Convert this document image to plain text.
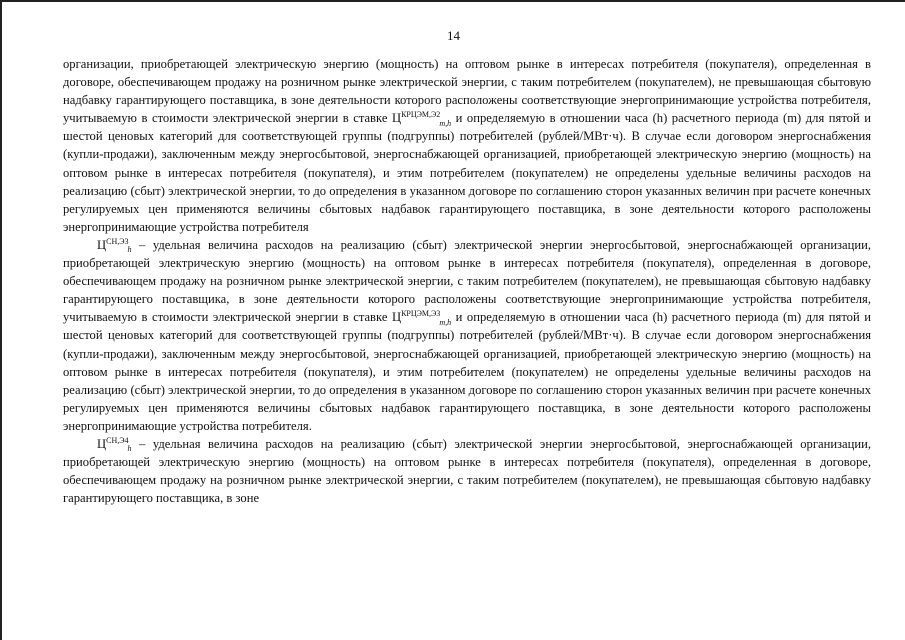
14

организации, приобретающей электрическую энергию (мощность) на оптовом рынке в интересах потребителя (покупателя), определенная в договоре, обеспечивающем продажу на розничном рынке электрической энергии, с таким потребителем (покупателем), не превышающая сбытовую надбавку гарантирующего поставщика, в зоне деятельности которого расположены соответствующие энергопринимающие устройства потребителя, учитываемую в стоимости электрической энергии в ставке $Ц^{КРЦЭМ,Э2}_{m,h}$ и определяемую в отношении часа (h) расчетного периода (m) для пятой и шестой ценовых категорий для соответствующей группы (подгруппы) потребителей (рублей/МВт·ч). В случае если договором энергоснабжения (купли-продажи), заключенным между энергосбытовой, энергоснабжающей организацией, приобретающей электрическую энергию (мощность) на оптовом рынке в интересах потребителя (покупателя), и этим потребителем (покупателем) не определены удельные величины расходов на реализацию (сбыт) электрической энергии, то до определения в указанном договоре по соглашению сторон указанных величин при расчете конечных регулируемых цен применяются величины сбытовых надбавок гарантирующего поставщика, в зоне деятельности которого расположены энергопринимающие устройства потребителя

$Ц^{СН,Э3}_h$ – удельная величина расходов на реализацию (сбыт) электрической энергии энергосбытовой, энергоснабжающей организации, приобретающей электрическую энергию (мощность) на оптовом рынке в интересах потребителя (покупателя), определенная в договоре, обеспечивающем продажу на розничном рынке электрической энергии, с таким потребителем (покупателем), не превышающая сбытовую надбавку гарантирующего поставщика, в зоне деятельности которого расположены соответствующие энергопринимающие устройства потребителя, учитываемую в стоимости электрической энергии в ставке $Ц^{КРЦЭМ,Э3}_{m,h}$ и определяемую в отношении часа (h) расчетного периода (m) для пятой и шестой ценовых категорий для соответствующей группы (подгруппы) потребителей (рублей/МВт·ч). В случае если договором энергоснабжения (купли-продажи), заключенным между энергосбытовой, энергоснабжающей организацией, приобретающей электрическую энергию (мощность) на оптовом рынке в интересах потребителя (покупателя), и этим потребителем (покупателем) не определены удельные величины расходов на реализацию (сбыт) электрической энергии, то до определения в указанном договоре по соглашению сторон указанных величин при расчете конечных регулируемых цен применяются величины сбытовых надбавок гарантирующего поставщика, в зоне деятельности которого расположены энергопринимающие устройства потребителя.

$Ц^{СН,Э4}_h$ – удельная величина расходов на реализацию (сбыт) электрической энергии энергосбытовой, энергоснабжающей организации, приобретающей электрическую энергию (мощность) на оптовом рынке в интересах потребителя (покупателя), определенная в договоре, обеспечивающем продажу на розничном рынке электрической энергии, с таким потребителем (покупателем), не превышающая сбытовую надбавку гарантирующего поставщика, в зоне
